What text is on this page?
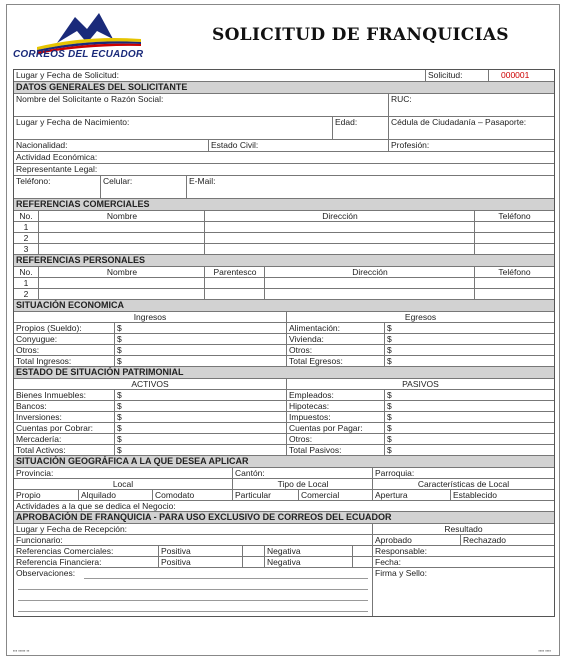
CORREOS DEL ECUADOR
SOLICITUD DE FRANQUICIAS
Lugar y Fecha de Solicitud:	Solicitud:	000001
DATOS GENERALES DEL SOLICITANTE
Nombre del Solicitante o Razón Social:	RUC:
Lugar y Fecha de Nacimiento:	Edad:	Cédula de Ciudadanía – Pasaporte:
Nacionalidad:	Estado Civil:	Profesión:
Actividad Económica:
Representante Legal:
Teléfono:	Celular:	E-Mail:
REFERENCIAS COMERCIALES
No.	Nombre	Dirección	Teléfono
1
2
3
REFERENCIAS PERSONALES
No.	Nombre	Parentesco	Dirección	Teléfono
1
2
SITUACIÓN ECONOMICA
Ingresos	Egresos
Propios (Sueldo):	$	Alimentación:	$
Conyugue:	$	Vivienda:	$
Otros:	$	Otros:	$
Total Ingresos:	$	Total Egresos:	$
ESTADO DE SITUACIÓN PATRIMONIAL
ACTIVOS	PASIVOS
Bienes Inmuebles:	$	Empleados:	$
Bancos:	$	Hipotecas:	$
Inversiones:	$	Impuestos:	$
Cuentas por Cobrar:	$	Cuentas por Pagar:	$
Mercadería:	$	Otros:	$
Total Activos:	$	Total Pasivos:	$
SITUACIÓN GEOGRÁFICA A LA QUE DESEA APLICAR
Provincia:	Cantón:	Parroquia:
Local	Tipo de Local	Características de Local
Propio	Alquilado	Comodato	Particular	Comercial	Apertura	Establecido
Actividades a la que se dedica el Negocio:
APROBACIÓN DE FRANQUICIA - PARA USO EXCLUSIVO DE CORREOS DEL ECUADOR
Lugar y Fecha de Recepción:	Resultado
Funcionario:	Aprobado	Rechazado
Referencias Comerciales:	Positiva	Negativa	Responsable:
Referencia Financiera:	Positiva	Negativa	Fecha:
Observaciones:	Firma y Sello:
▪▪▪ ▪▪▪▪▪ ▪▪	▪▪▪▪ ▪▪▪▪
